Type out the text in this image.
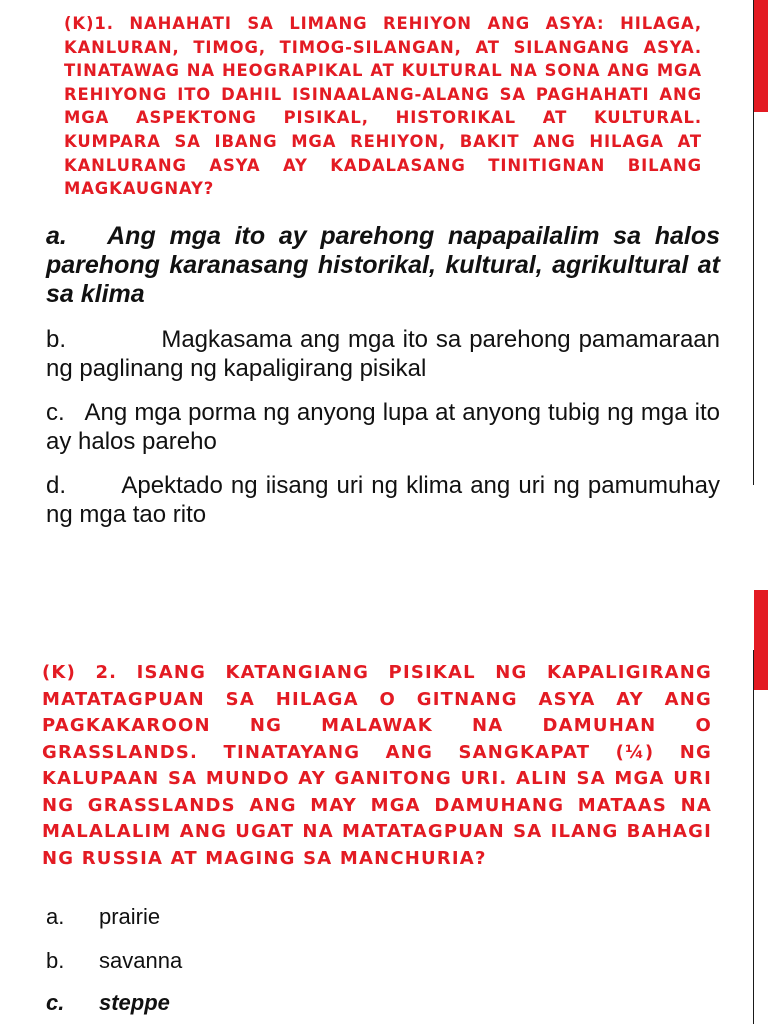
(K)1. NAHAHATI SA LIMANG REHIYON ANG ASYA: HILAGA, KANLURAN, TIMOG, TIMOG-SILANGAN, AT SILANGANG ASYA. TINATAWAG NA HEOGRAPIKAL AT KULTURAL NA SONA ANG MGA REHIYONG ITO DAHIL ISINAALANG-ALANG SA PAGHAHATI ANG MGA ASPEKTONG PISIKAL, HISTORIKAL AT KULTURAL. KUMPARA SA IBANG MGA REHIYON, BAKIT ANG HILAGA AT KANLURANG ASYA AY KADALASANG TINITIGNAN BILANG MAGKAUGNAY?

a. Ang mga ito ay parehong napapailalim sa halos parehong karanasang historikal, kultural, agrikultural at sa klima

b.	Magkasama ang mga ito sa parehong pamamaraan ng paglinang ng kapaligirang pisikal

c. Ang mga porma ng anyong lupa at anyong tubig ng mga ito ay halos pareho

d. Apektado ng iisang uri ng klima ang uri ng pamumuhay ng mga tao rito

(K) 2. ISANG KATANGIANG PISIKAL NG KAPALIGIRANG MATATAGPUAN SA HILAGA O GITNANG ASYA AY ANG PAGKAKAROON NG MALAWAK NA DAMUHAN O GRASSLANDS. TINATAYANG ANG SANGKAPAT (¼) NG KALUPAAN SA MUNDO AY GANITONG URI. ALIN SA MGA URI NG GRASSLANDS ANG MAY MGA DAMUHANG MATAAS NA MALALALIM ANG UGAT NA MATATAGPUAN SA ILANG BAHAGI NG RUSSIA AT MAGING SA MANCHURIA?

a. prairie

b. savanna

c. steppe
